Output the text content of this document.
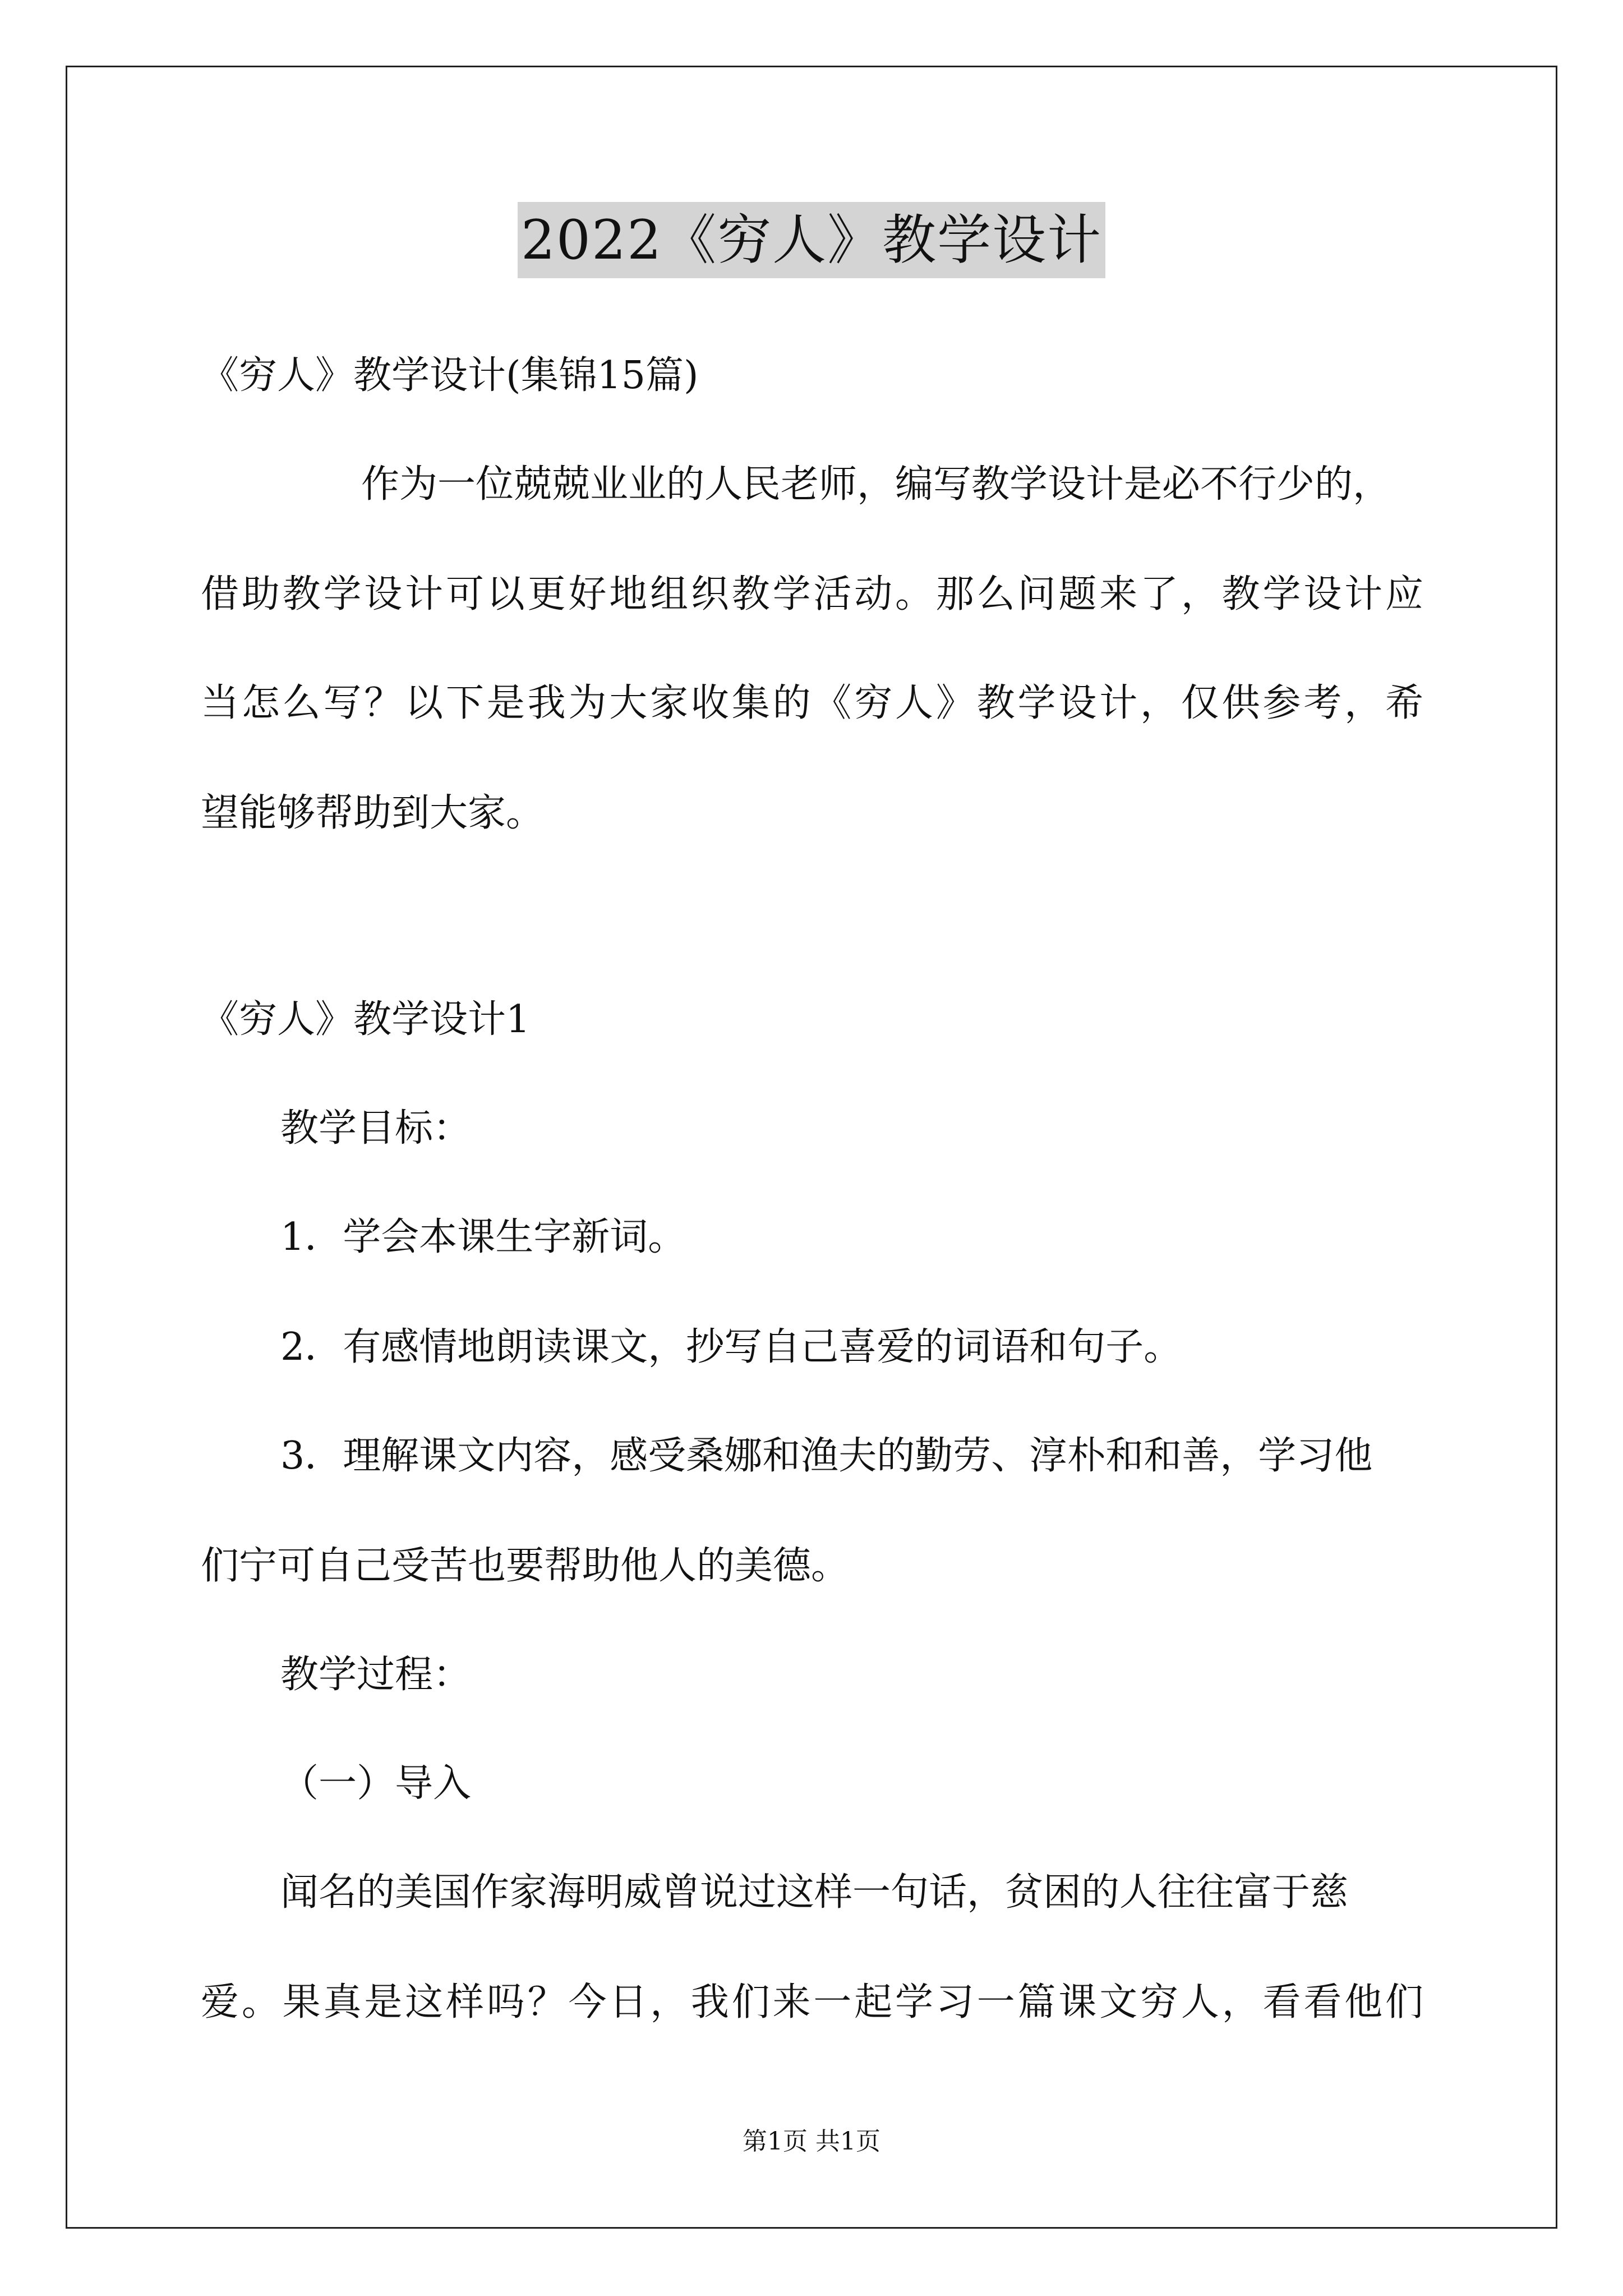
2022《穷人》教学设计
《穷人》教学设计(集锦15篇)
作为一位兢兢业业的人民老师，编写教学设计是必不行少的，
借助教学设计可以更好地组织教学活动。那么问题来了，教学设计应
当怎么写？以下是我为大家收集的《穷人》教学设计，仅供参考，希
望能够帮助到大家。
《穷人》教学设计1
教学目标：
1．学会本课生字新词。
2．有感情地朗读课文，抄写自己喜爱的词语和句子。
3．理解课文内容，感受桑娜和渔夫的勤劳、淳朴和和善，学习他
们宁可自己受苦也要帮助他人的美德。
教学过程：
（一）导入
闻名的美国作家海明威曾说过这样一句话，贫困的人往往富于慈
爱。果真是这样吗？今日，我们来一起学习一篇课文穷人，看看他们
第1页 共1页
